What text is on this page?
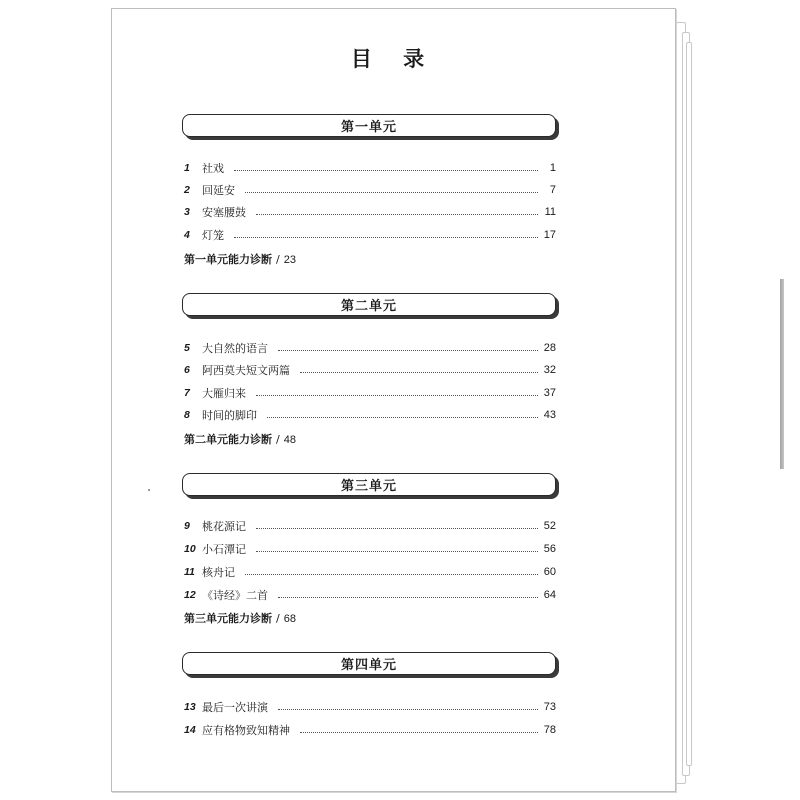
目 录
第一单元
1	社戏	1
2	回延安	7
3	安塞腰鼓	11
4	灯笼	17
第一单元能力诊断 / 23
第二单元
5	大自然的语言	28
6	阿西莫夫短文两篇	32
7	大雁归来	37
8	时间的脚印	43
第二单元能力诊断 / 48
第三单元
9	桃花源记	52
10 小石潭记	56
11 核舟记	60
12 《诗经》二首	64
第三单元能力诊断 / 68
第四单元
13 最后一次讲演	73
14 应有格物致知精神	78
